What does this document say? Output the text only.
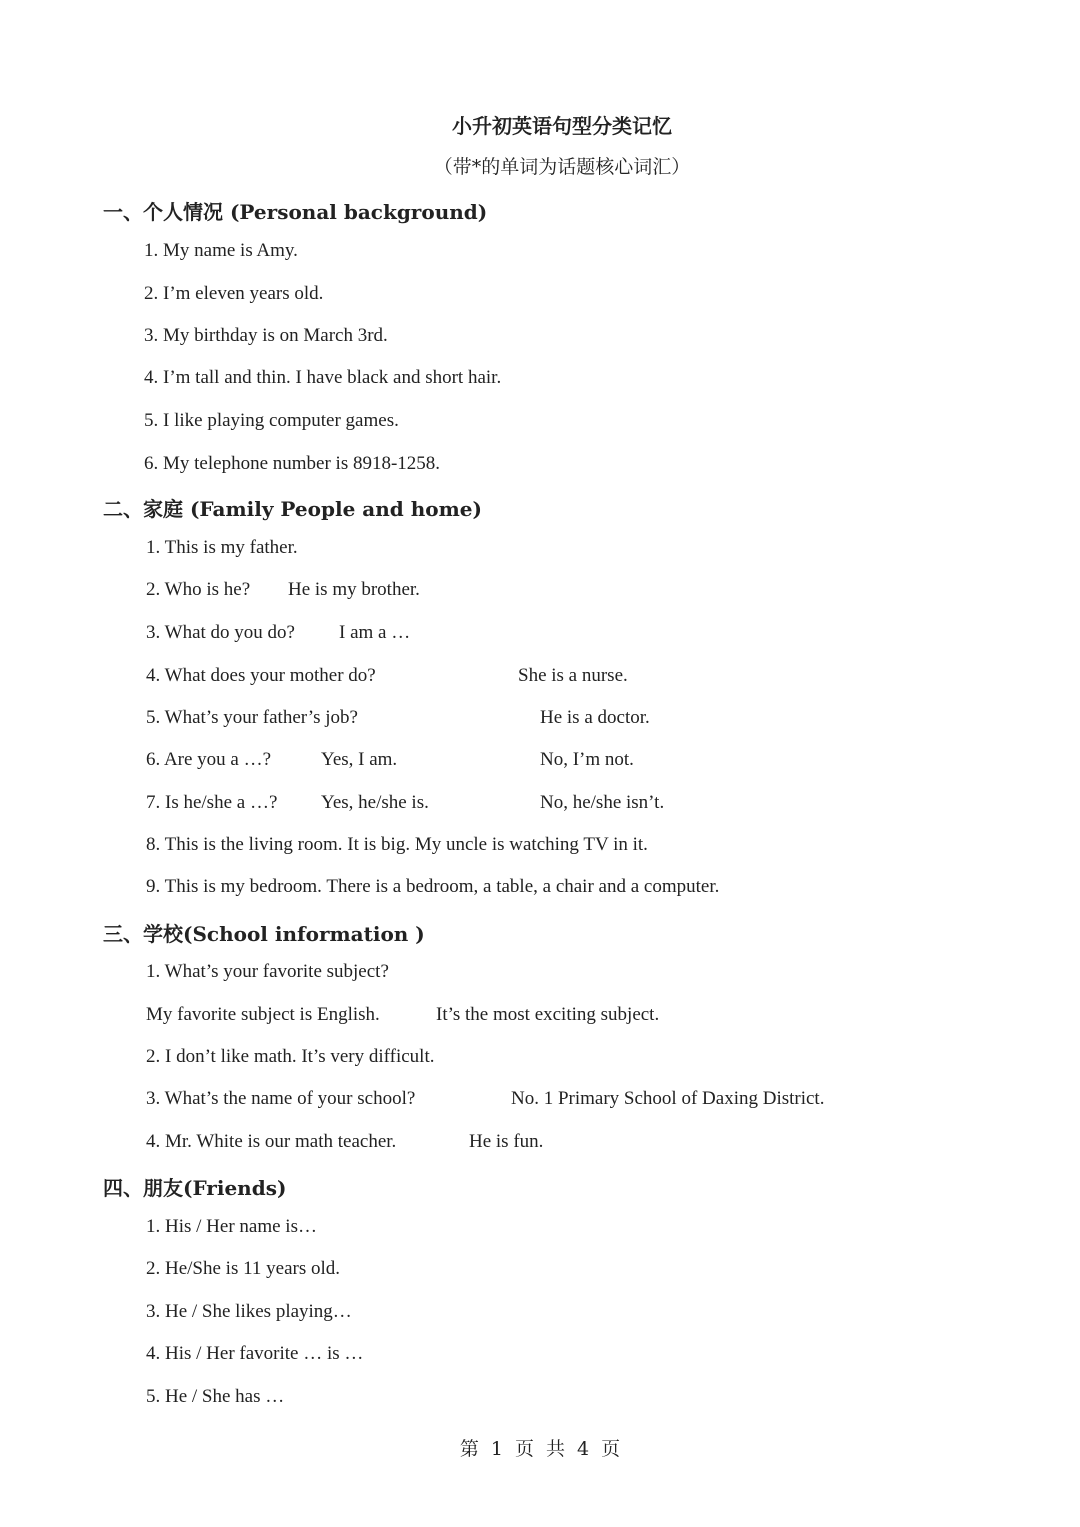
小升初英语句型分类记忆
（带*的单词为话题核心词汇）
一、个人情况 (Personal background)
1. My name is Amy.
2. I’m eleven years old.
3. My birthday is on March 3rd.
4. I’m tall and thin. I have black and short hair.
5. I like playing computer games.
6. My telephone number is 8918-1258.
二、家庭 (Family People and home)
1. This is my father.
2. Who is he? He is my brother.
3. What do you do? I am a …
4. What does your mother do?	She is a nurse.
5. What’s your father’s job?	He is a doctor.
6. Are you a …?	Yes, I am.	No, I’m not.
7. Is he/she a …? Yes, he/she is.	No, he/she isn’t.
8. This is the living room. It is big. My uncle is watching TV in it.
9. This is my bedroom. There is a bedroom, a table, a chair and a computer.
三、学校(School information )
1. What’s your favorite subject?
My favorite subject is English.	It’s the most exciting subject.
2. I don’t like math. It’s very difficult.
3. What’s the name of your school?	No. 1 Primary School of Daxing District.
4. Mr. White is our math teacher.	He is fun.
四、朋友(Friends)
1. His / Her name is…
2. He/She is 11 years old.
3. He / She likes playing…
4. His / Her favorite … is …
5. He / She has …
第 1 页 共 4 页
